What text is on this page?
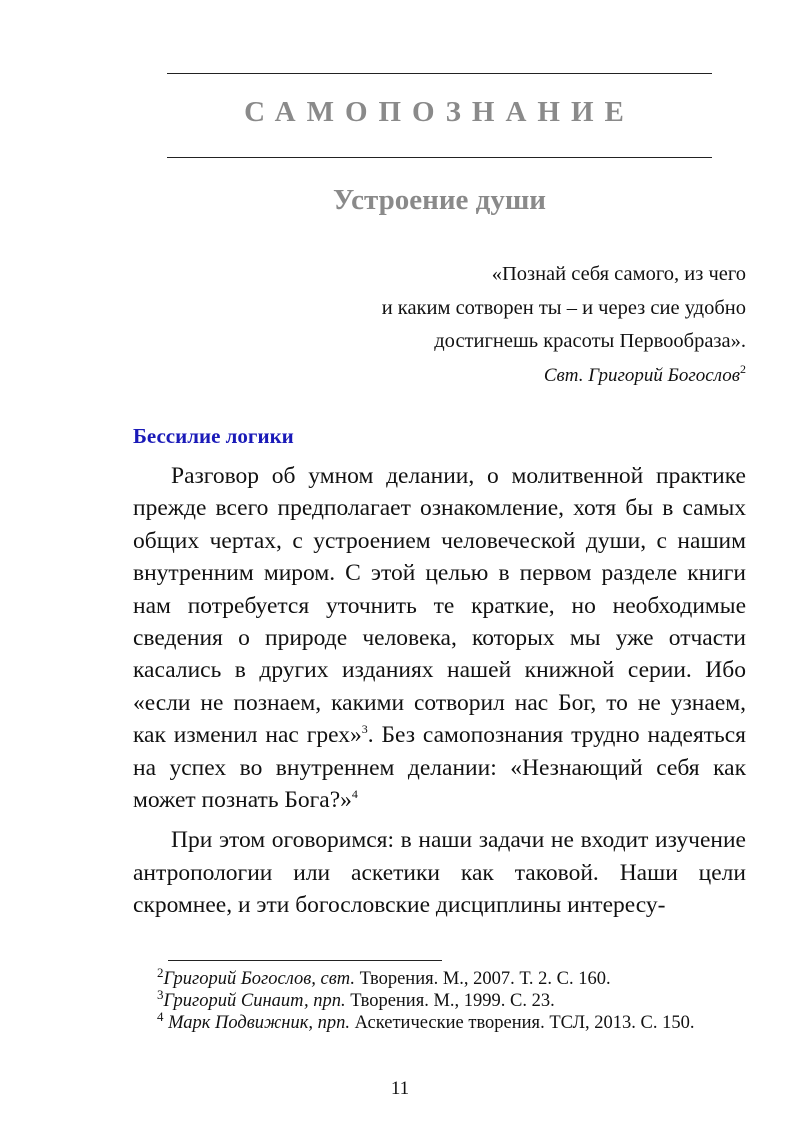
САМОПОЗНАНИЕ
Устроение души
«Познай себя самого, из чего
и каким сотворен ты – и через сие удобно
достигнешь красоты Первообраза».
Свт. Григорий Богослов$^2$
Бессилие логики

Разговор об умном делании, о молитвенной практике прежде всего предполагает ознакомление, хотя бы в самых общих чертах, с устроением человеческой души, с нашим внутренним миром. С этой целью в первом разделе книги нам потребуется уточнить те краткие, но необходимые сведения о природе человека, которых мы уже отчасти касались в других изданиях нашей книжной серии. Ибо «если не познаем, какими сотворил нас Бог, то не узнаем, как изменил нас грех»$^3$. Без самопознания трудно надеяться на успех во внутреннем делании: «Незнающий себя как может познать Бога?»$^4$

При этом оговоримся: в наши задачи не входит изучение антропологии или аскетики как таковой. Наши цели скромнее, и эти богословские дисциплины интересу-

$^2$Григорий Богослов, свт. Творения. М., 2007. Т. 2. С. 160.
$^3$Григорий Синаит, прп. Творения. М., 1999. С. 23.
$^4$ Марк Подвижник, прп. Аскетические творения. ТСЛ, 2013. С. 150.
11
